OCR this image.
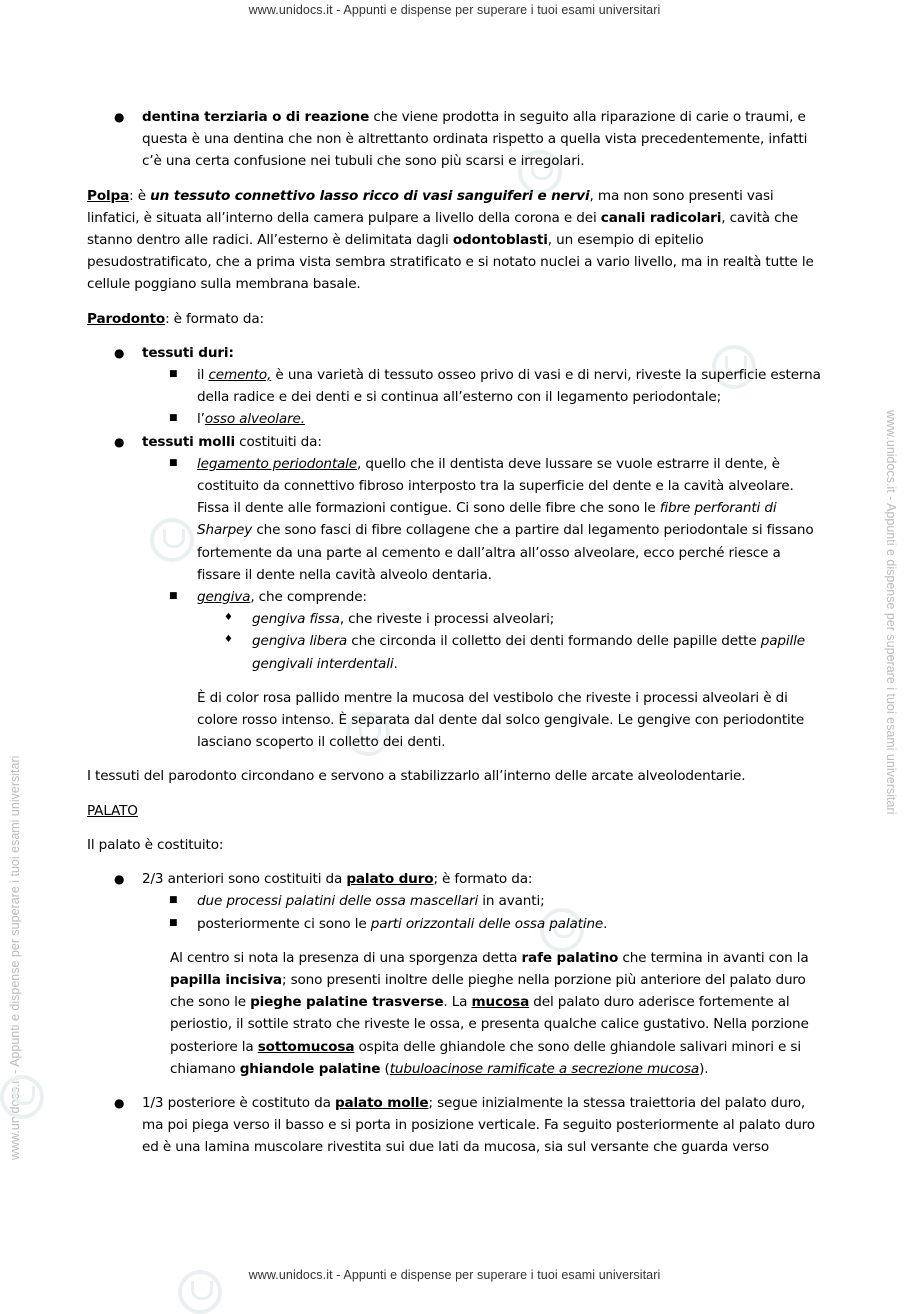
www.unidocs.it - Appunti e dispense per superare i tuoi esami universitari
www.unidocs.it - Appunti e dispense per superare i tuoi esami universitari
www.unidocs.it - Appunti e dispense per superare i tuoi esami universitari
www.unidocs.it - Appunti e dispense per superare i tuoi esami universitari
● dentina terziaria o di reazione che viene prodotta in seguito alla riparazione di carie o traumi, e questa è una dentina che non è altrettanto ordinata rispetto a quella vista precedentemente, infatti c’è una certa confusione nei tubuli che sono più scarsi e irregolari.

Polpa: è un tessuto connettivo lasso ricco di vasi sanguiferi e nervi, ma non sono presenti vasi linfatici, è situata all’interno della camera pulpare a livello della corona e dei canali radicolari, cavità che stanno dentro alle radici. All’esterno è delimitata dagli odontoblasti, un esempio di epitelio pesudostratificato, che a prima vista sembra stratificato e si notato nuclei a vario livello, ma in realtà tutte le cellule poggiano sulla membrana basale.

Parodonto: è formato da:

● tessuti duri:
■ il cemento, è una varietà di tessuto osseo privo di vasi e di nervi, riveste la superficie esterna della radice e dei denti e si continua all’esterno con il legamento periodontale;
■ l’osso alveolare.
● tessuti molli costituiti da:
■ legamento periodontale, quello che il dentista deve lussare se vuole estrarre il dente, è costituito da connettivo fibroso interposto tra la superficie del dente e la cavità alveolare. Fissa il dente alle formazioni contigue. Ci sono delle fibre che sono le fibre perforanti di Sharpey che sono fasci di fibre collagene che a partire dal legamento periodontale si fissano fortemente da una parte al cemento e dall’altra all’osso alveolare, ecco perché riesce a fissare il dente nella cavità alveolo dentaria.
■ gengiva, che comprende:
♦ gengiva fissa, che riveste i processi alveolari;
♦ gengiva libera che circonda il colletto dei denti formando delle papille dette papille gengivali interdentali.

È di color rosa pallido mentre la mucosa del vestibolo che riveste i processi alveolari è di colore rosso intenso. È separata dal dente dal solco gengivale. Le gengive con periodontite lasciano scoperto il colletto dei denti.

I tessuti del parodonto circondano e servono a stabilizzarlo all’interno delle arcate alveolodentarie.

PALATO

Il palato è costituito:

● 2/3 anteriori sono costituiti da palato duro; è formato da:
■ due processi palatini delle ossa mascellari in avanti;
■ posteriormente ci sono le parti orizzontali delle ossa palatine.

Al centro si nota la presenza di una sporgenza detta rafe palatino che termina in avanti con la papilla incisiva; sono presenti inoltre delle pieghe nella porzione più anteriore del palato duro che sono le pieghe palatine trasverse. La mucosa del palato duro aderisce fortemente al periostio, il sottile strato che riveste le ossa, e presenta qualche calice gustativo. Nella porzione posteriore la sottomucosa ospita delle ghiandole che sono delle ghiandole salivari minori e si chiamano ghiandole palatine (tubuloacinose ramificate a secrezione mucosa).

● 1/3 posteriore è costituto da palato molle; segue inizialmente la stessa traiettoria del palato duro, ma poi piega verso il basso e si porta in posizione verticale. Fa seguito posteriormente al palato duro ed è una lamina muscolare rivestita sui due lati da mucosa, sia sul versante che guarda verso
